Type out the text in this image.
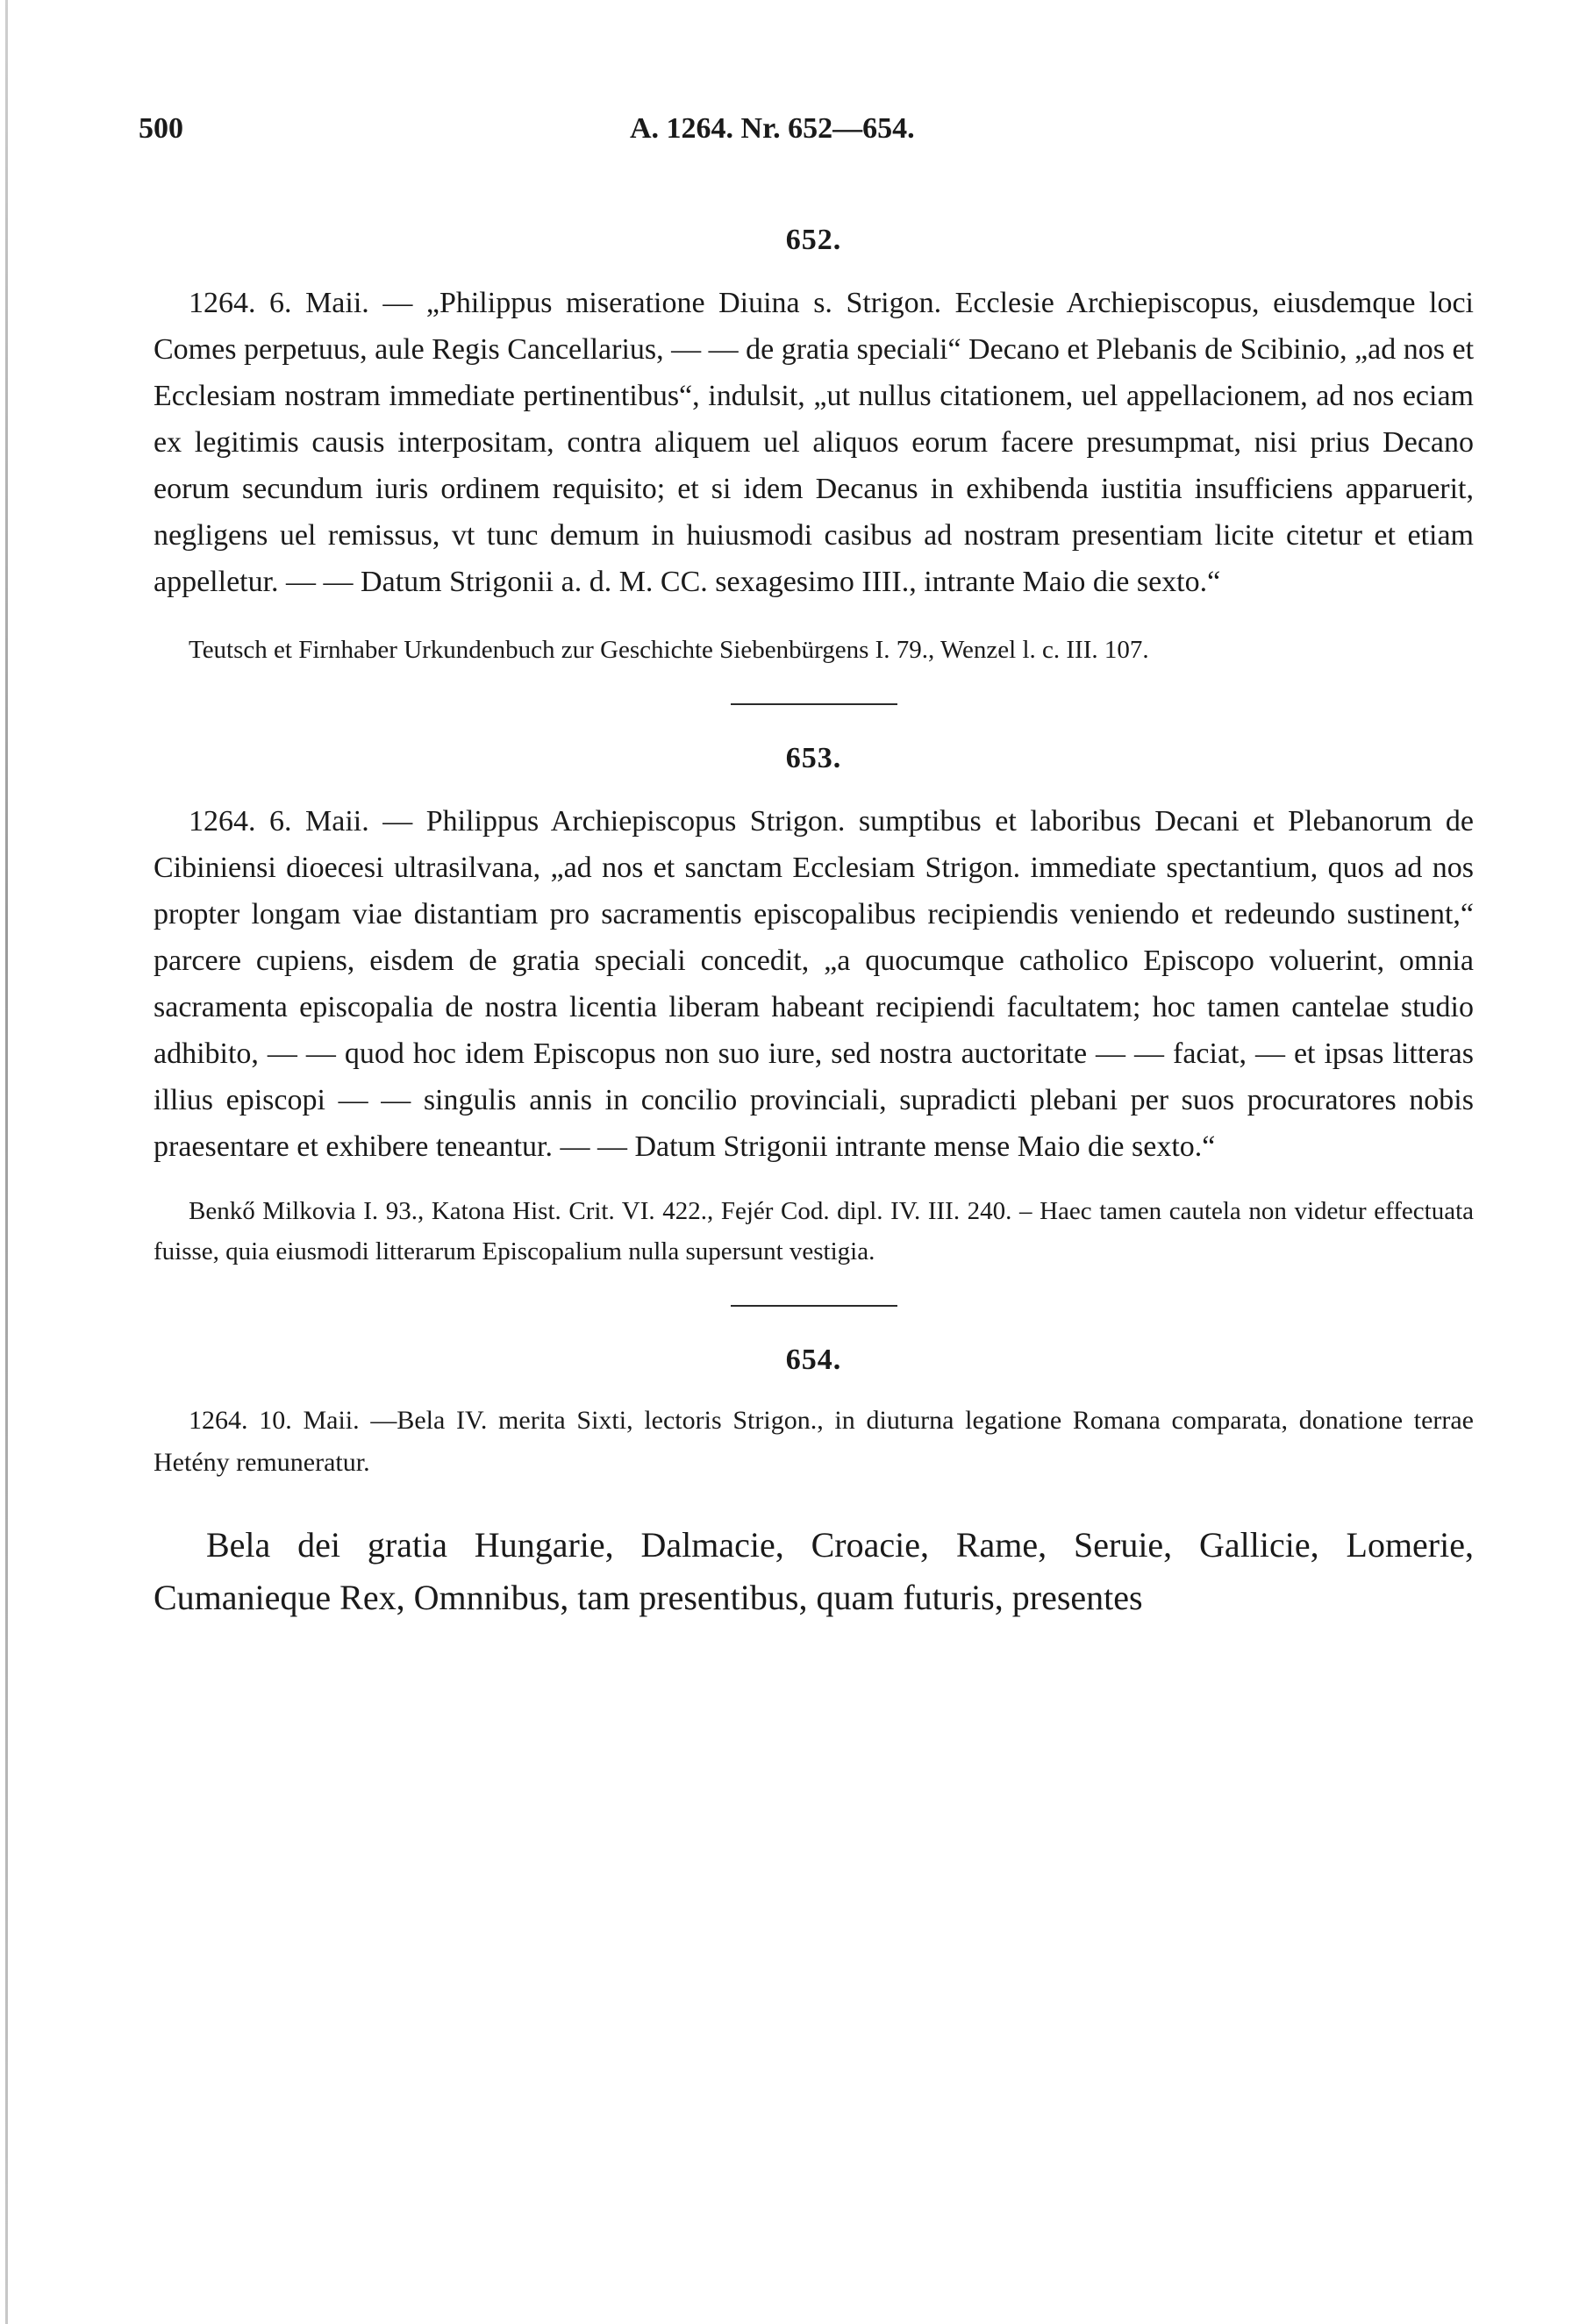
500	A. 1264. Nr. 652—654.
652.

1264. 6. Maii. — „Philippus miseratione Diuina s. Strigon. Ecclesie Archiepiscopus, eiusdemque loci Comes perpetuus, aule Regis Cancellarius, — — de gratia speciali“ Decano et Plebanis de Scibinio, „ad nos et Ecclesiam nostram immediate pertinentibus“, indulsit, „ut nullus citationem, uel appellacionem, ad nos eciam ex legitimis causis interpositam, contra aliquem uel aliquos eorum facere presumpmat, nisi prius Decano eorum secundum iuris ordinem requisito; et si idem Decanus in exhibenda iustitia insufficiens apparuerit, negligens uel remissus, vt tunc demum in huiusmodi casibus ad nostram presentiam licite citetur et etiam appelletur. — — Datum Strigonii a. d. M. CC. sexagesimo IIII., intrante Maio die sexto.“

Teutsch et Firnhaber Urkundenbuch zur Geschichte Siebenbürgens I. 79., Wenzel l. c. III. 107.

653.

1264. 6. Maii. — Philippus Archiepiscopus Strigon. sumptibus et laboribus Decani et Plebanorum de Cibiniensi dioecesi ultrasilvana, „ad nos et sanctam Ecclesiam Strigon. immediate spectantium, quos ad nos propter longam viae distantiam pro sacramentis episcopalibus recipiendis veniendo et redeundo sustinent,“ parcere cupiens, eisdem de gratia speciali concedit, „a quocumque catholico Episcopo voluerint, omnia sacramenta episcopalia de nostra licentia liberam habeant recipiendi facultatem; hoc tamen cantelae studio adhibito, — — quod hoc idem Episcopus non suo iure, sed nostra auctoritate — — faciat, — et ipsas litteras illius episcopi — — singulis annis in concilio provinciali, supradicti plebani per suos procuratores nobis praesentare et exhibere teneantur. — — Datum Strigonii intrante mense Maio die sexto.“

Benkő Milkovia I. 93., Katona Hist. Crit. VI. 422., Fejér Cod. dipl. IV. III. 240. – Haec tamen cautela non videtur effectuata fuisse, quia eiusmodi litterarum Episcopalium nulla supersunt vestigia.

654.

1264. 10. Maii. —Bela IV. merita Sixti, lectoris Strigon., in diuturna legatione Romana comparata, donatione terrae Hetény remuneratur.

Bela dei gratia Hungarie, Dalmacie, Croacie, Rame, Seruie, Gallicie, Lomerie, Cumanieque Rex, Omnnibus, tam presentibus, quam futuris, presentes
